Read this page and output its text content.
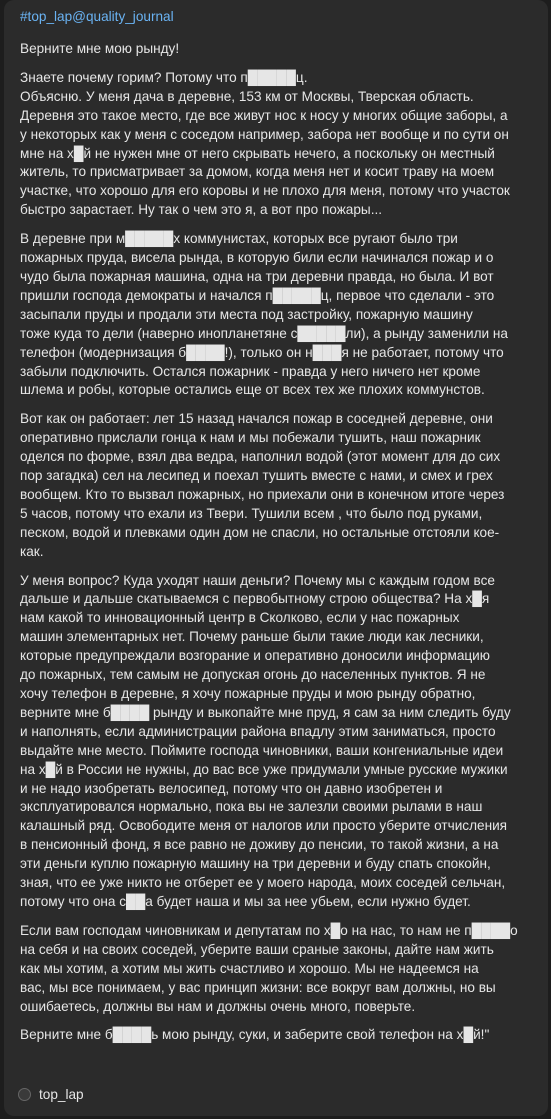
#top_lap@quality_journal
Верните мне мою рынду!
Знаете почему горим? Потому что п█████ц.
Объясню. У меня дача в деревне, 153 км от Москвы, Тверская область.
Деревня это такое место, где все живут нос к носу у многих общие заборы, а
у некоторых как у меня с соседом например, забора нет вообще и по сути он
мне на х█й не нужен мне от него скрывать нечего, а поскольку он местный
житель, то присматривает за домом, когда меня нет и косит траву на моем
участке, что хорошо для его коровы и не плохо для меня, потому что участок
быстро зарастает. Ну так о чем это я, а вот про пожары...
В деревне при м█████х коммунистах, которых все ругают было три
пожарных пруда, висела рында, в которую били если начинался пожар и о
чудо была пожарная машина, одна на три деревни правда, но была. И вот
пришли господа демократы и начался п█████ц, первое что сделали - это
засыпали пруды и продали эти места под застройку, пожарную машину
тоже куда то дели (наверно инопланетяне с█████ли), а рынду заменили на
телефон (модернизация б████!), только он н███я не работает, потому что
забыли подключить. Остался пожарник - правда у него ничего нет кроме
шлема и робы, которые остались еще от всех тех же плохих коммунстов.
Вот как он работает: лет 15 назад начался пожар в соседней деревне, они
оперативно прислали гонца к нам и мы побежали тушить, наш пожарник
оделся по форме, взял два ведра, наполнил водой (этот момент для до сих
пор загадка) сел на лесипед и поехал тушить вместе с нами, и смех и грех
вообщем. Кто то вызвал пожарных, но приехали они в конечном итоге через
5 часов, потому что ехали из Твери. Тушили всем , что было под руками,
песком, водой и плевками один дом не спасли, но остальные отстояли кое-
как.
У меня вопрос? Куда уходят наши деньги? Почему мы с каждым годом все
дальше и дальше скатываемся с первобытному строю общества? На х█я
нам какой то инновационный центр в Сколково, если у нас пожарных
машин элементарных нет. Почему раньше были такие люди как лесники,
которые предупреждали возгорание и оперативно доносили информацию
до пожарных, тем самым не допуская огонь до населенных пунктов. Я не
хочу телефон в деревне, я хочу пожарные пруды и мою рынду обратно,
верните мне б████ рынду и выкопайте мне пруд, я сам за ним следить буду
и наполнять, если администрации района впадлу этим заниматься, просто
выдайте мне место. Поймите господа чиновники, ваши конгениальные идеи
на х█й в России не нужны, до вас все уже придумали умные русские мужики
и не надо изобретать велосипед, потому что он давно изобретен и
эксплуатировался нормально, пока вы не залезли своими рылами в наш
калашный ряд. Освободите меня от налогов или просто уберите отчисления
в пенсионный фонд, я все равно не доживу до пенсии, то такой жизни, а на
эти деньги куплю пожарную машину на три деревни и буду спать спокойн,
зная, что ее уже никто не отберет ее у моего народа, моих соседей сельчан,
потому что она с██а будет наша и мы за нее убьем, если нужно будет.
Если вам господам чиновникам и депутатам по х█о на нас, то нам не п████о
на себя и на своих соседей, уберите ваши сраные законы, дайте нам жить
как мы хотим, а хотим мы жить счастливо и хорошо. Мы не надеемся на
вас, мы все понимаем, у вас принцип жизни: все вокруг вам должны, но вы
ошибаетесь, должны вы нам и должны очень много, поверьте.
Верните мне б████ь мою рынду, суки, и заберите свой телефон на х█й!"
top_lap
